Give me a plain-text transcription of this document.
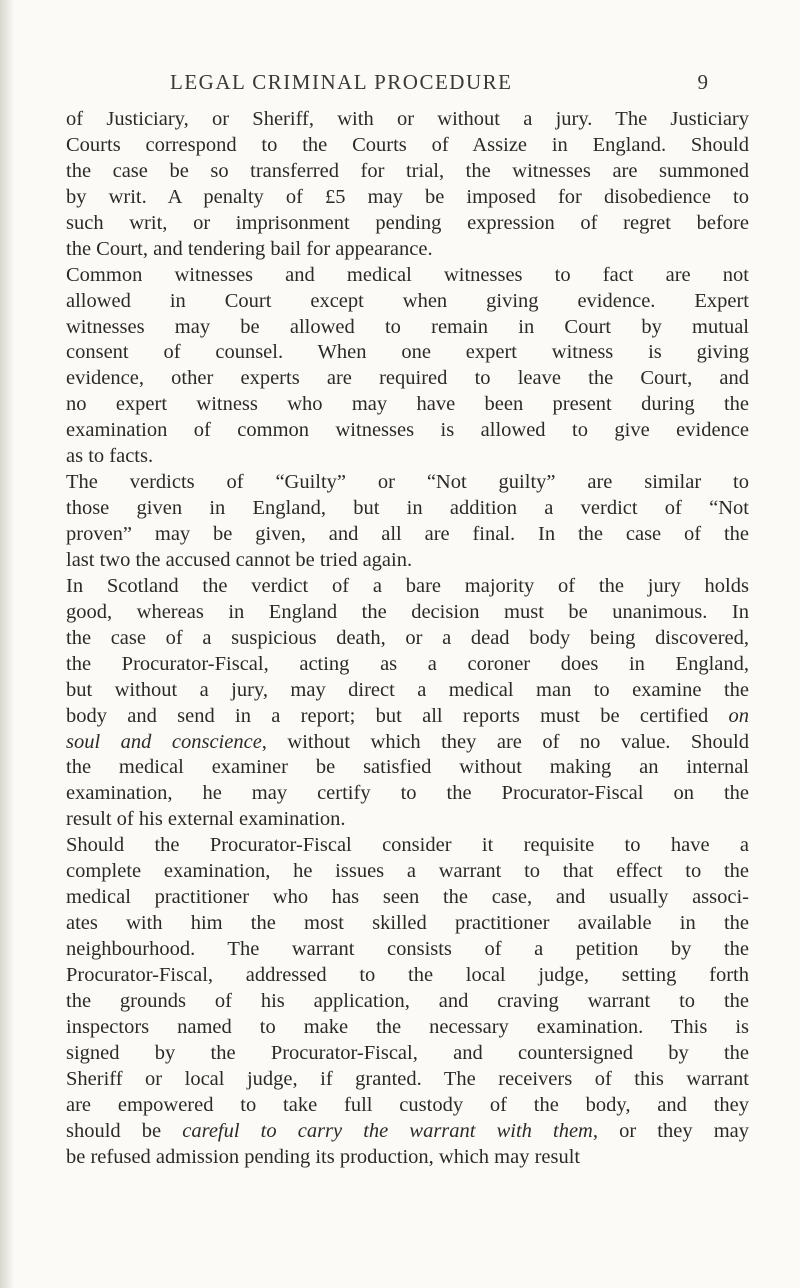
LEGAL CRIMINAL PROCEDURE	9
of Justiciary, or Sheriff, with or without a jury. The Justiciary
Courts correspond to the Courts of Assize in England. Should
the case be so transferred for trial, the witnesses are summoned
by writ. A penalty of £5 may be imposed for disobedience to
such writ, or imprisonment pending expression of regret before
the Court, and tendering bail for appearance.
Common witnesses and medical witnesses to fact are not
allowed in Court except when giving evidence. Expert
witnesses may be allowed to remain in Court by mutual
consent of counsel. When one expert witness is giving
evidence, other experts are required to leave the Court, and
no expert witness who may have been present during the
examination of common witnesses is allowed to give evidence
as to facts.
The verdicts of “Guilty” or “Not guilty” are similar to
those given in England, but in addition a verdict of “Not
proven” may be given, and all are final. In the case of the
last two the accused cannot be tried again.
In Scotland the verdict of a bare majority of the jury holds
good, whereas in England the decision must be unanimous. In
the case of a suspicious death, or a dead body being discovered,
the Procurator-Fiscal, acting as a coroner does in England,
but without a jury, may direct a medical man to examine the
body and send in a report; but all reports must be certified on
soul and conscience, without which they are of no value. Should
the medical examiner be satisfied without making an internal
examination, he may certify to the Procurator-Fiscal on the
result of his external examination.
Should the Procurator-Fiscal consider it requisite to have a
complete examination, he issues a warrant to that effect to the
medical practitioner who has seen the case, and usually associ-
ates with him the most skilled practitioner available in the
neighbourhood. The warrant consists of a petition by the
Procurator-Fiscal, addressed to the local judge, setting forth
the grounds of his application, and craving warrant to the
inspectors named to make the necessary examination. This is
signed by the Procurator-Fiscal, and countersigned by the
Sheriff or local judge, if granted. The receivers of this warrant
are empowered to take full custody of the body, and they
should be careful to carry the warrant with them, or they may
be refused admission pending its production, which may result
